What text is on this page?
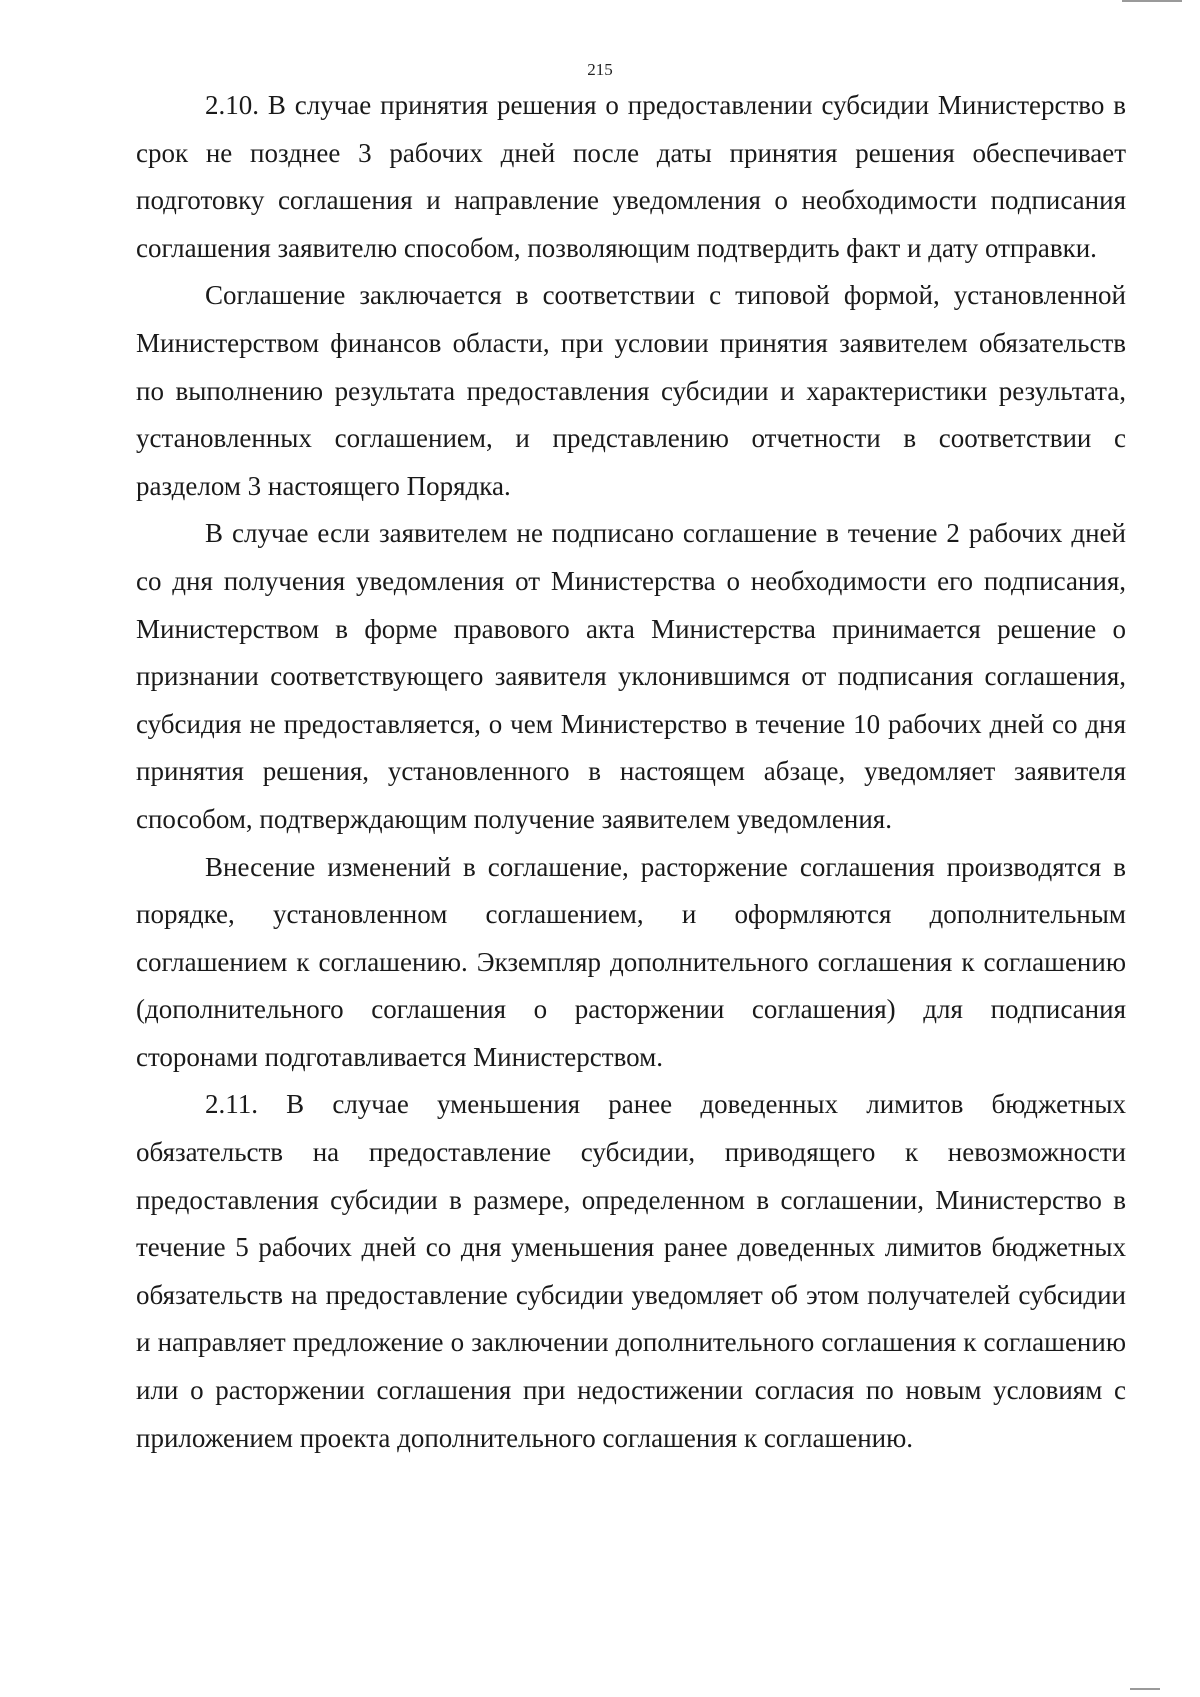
215

2.10. В случае принятия решения о предоставлении субсидии Министерство в срок не позднее 3 рабочих дней после даты принятия решения обеспечивает подготовку соглашения и направление уведомления о необходимости подписания соглашения заявителю способом, позволяющим подтвердить факт и дату отправки.

Соглашение заключается в соответствии с типовой формой, установленной Министерством финансов области, при условии принятия заявителем обязательств по выполнению результата предоставления субсидии и характеристики результата, установленных соглашением, и представлению отчетности в соответствии с разделом 3 настоящего Порядка.

В случае если заявителем не подписано соглашение в течение 2 рабочих дней со дня получения уведомления от Министерства о необходимости его подписания, Министерством в форме правового акта Министерства принимается решение о признании соответствующего заявителя уклонившимся от подписания соглашения, субсидия не предоставляется, о чем Министерство в течение 10 рабочих дней со дня принятия решения, установленного в настоящем абзаце, уведомляет заявителя способом, подтверждающим получение заявителем уведомления.

Внесение изменений в соглашение, расторжение соглашения производятся в порядке, установленном соглашением, и оформляются дополнительным соглашением к соглашению. Экземпляр дополнительного соглашения к соглашению (дополнительного соглашения о расторжении соглашения) для подписания сторонами подготавливается Министерством.

2.11. В случае уменьшения ранее доведенных лимитов бюджетных обязательств на предоставление субсидии, приводящего к невозможности предоставления субсидии в размере, определенном в соглашении, Министерство в течение 5 рабочих дней со дня уменьшения ранее доведенных лимитов бюджетных обязательств на предоставление субсидии уведомляет об этом получателей субсидии и направляет предложение о заключении дополнительного соглашения к соглашению или о расторжении соглашения при недостижении согласия по новым условиям с приложением проекта дополнительного соглашения к соглашению.
